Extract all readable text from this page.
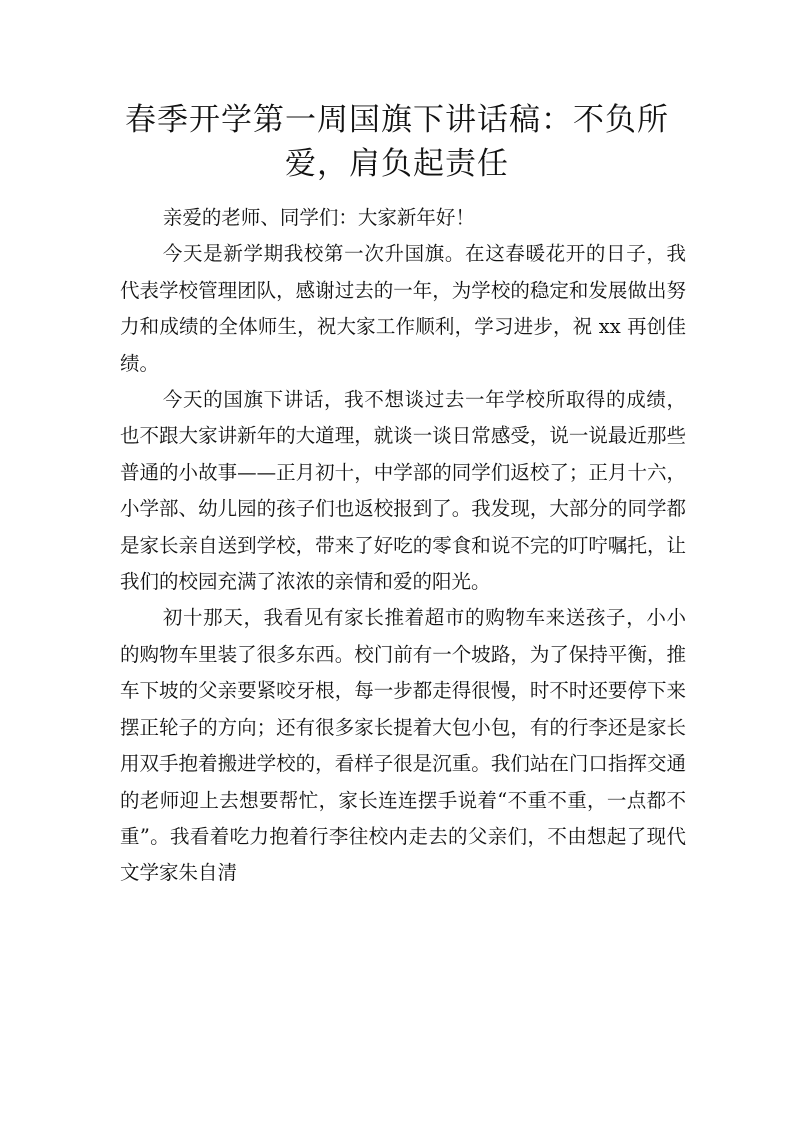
春季开学第一周国旗下讲话稿：不负所爱，肩负起责任

亲爱的老师、同学们：大家新年好！

今天是新学期我校第一次升国旗。在这春暖花开的日子，我代表学校管理团队，感谢过去的一年，为学校的稳定和发展做出努力和成绩的全体师生，祝大家工作顺利，学习进步，祝 xx 再创佳绩。

今天的国旗下讲话，我不想谈过去一年学校所取得的成绩，也不跟大家讲新年的大道理，就谈一谈日常感受，说一说最近那些普通的小故事——正月初十，中学部的同学们返校了；正月十六，小学部、幼儿园的孩子们也返校报到了。我发现，大部分的同学都是家长亲自送到学校，带来了好吃的零食和说不完的叮咛嘱托，让我们的校园充满了浓浓的亲情和爱的阳光。

初十那天，我看见有家长推着超市的购物车来送孩子，小小的购物车里装了很多东西。校门前有一个坡路，为了保持平衡，推车下坡的父亲要紧咬牙根，每一步都走得很慢，时不时还要停下来摆正轮子的方向；还有很多家长提着大包小包，有的行李还是家长用双手抱着搬进学校的，看样子很是沉重。我们站在门口指挥交通的老师迎上去想要帮忙，家长连连摆手说着“不重不重，一点都不重”。我看着吃力抱着行李往校内走去的父亲们，不由想起了现代文学家朱自清
